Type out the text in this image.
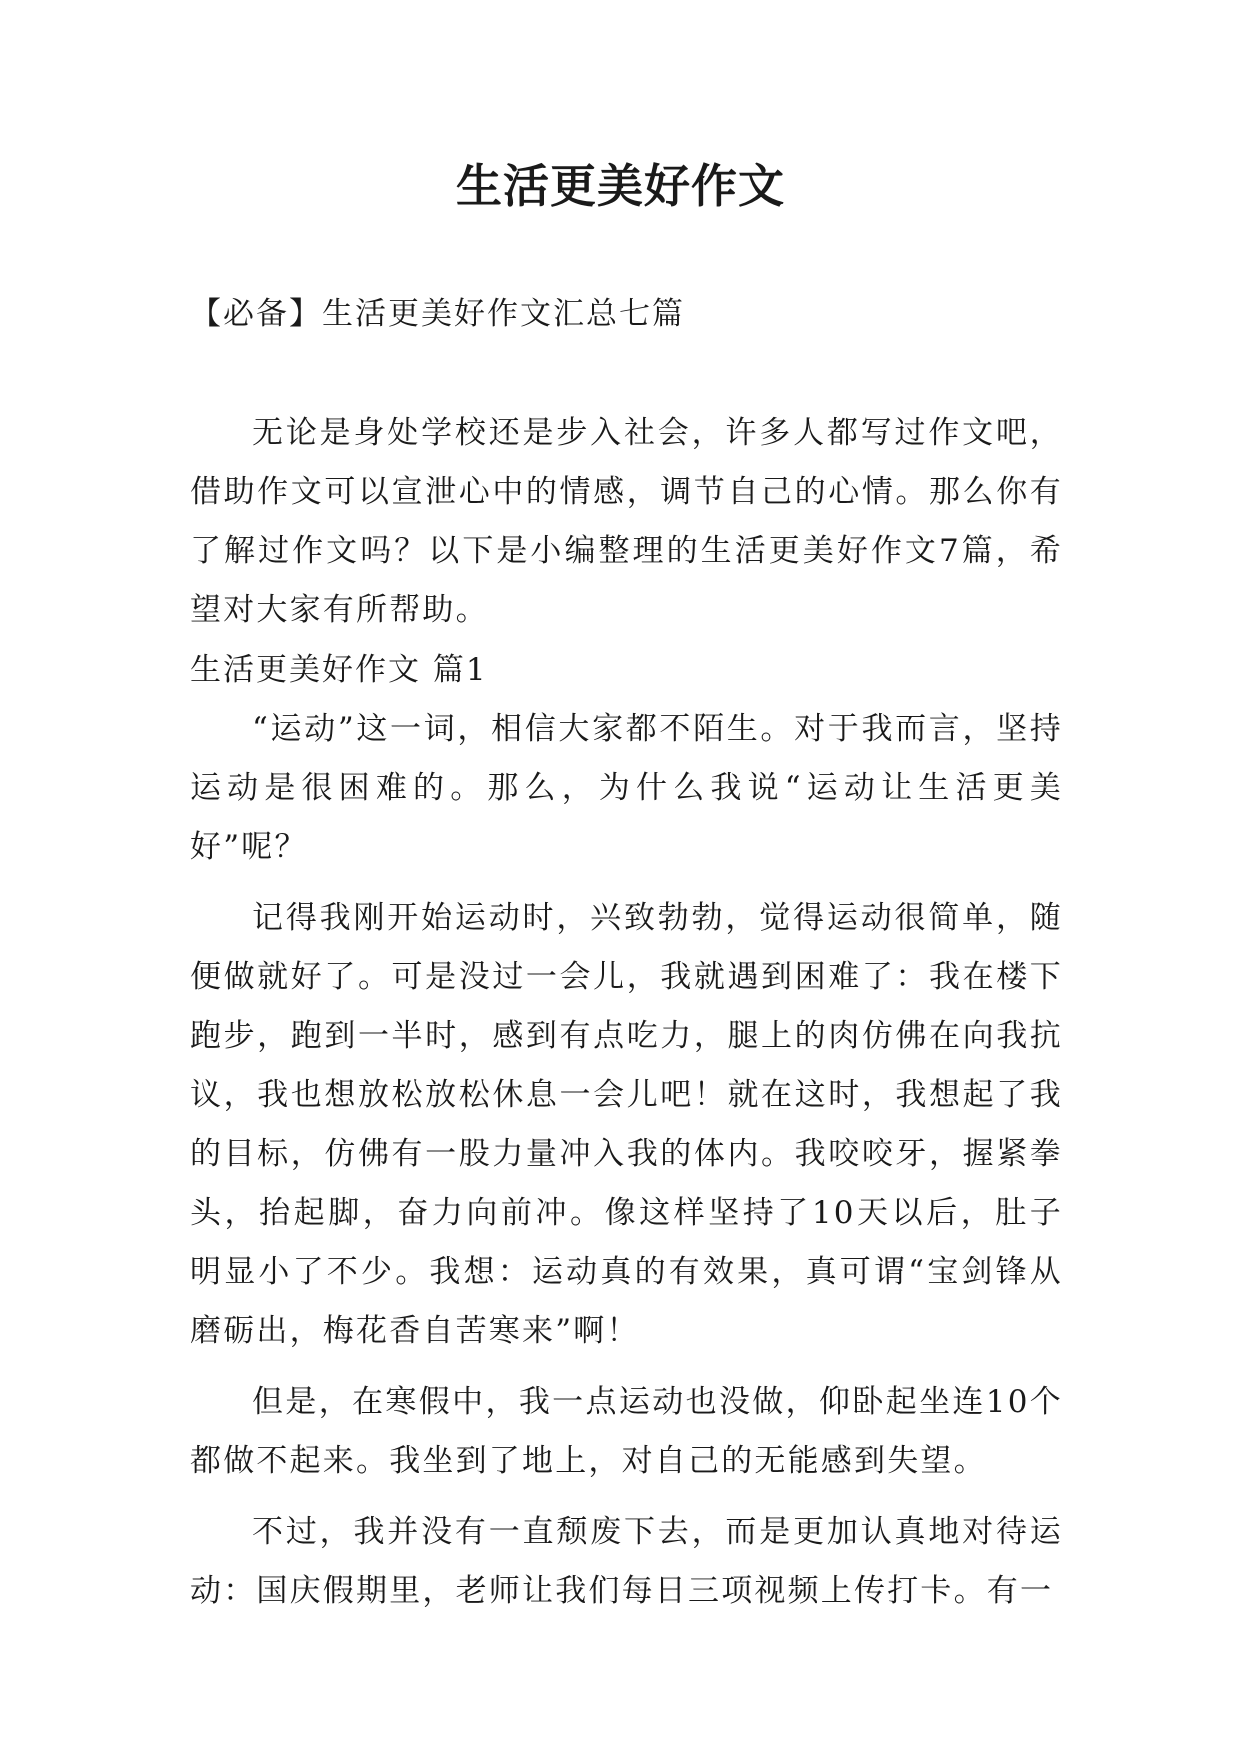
生活更美好作文

【必备】生活更美好作文汇总七篇

无论是身处学校还是步入社会，许多人都写过作文吧，借助作文可以宣泄心中的情感，调节自己的心情。那么你有了解过作文吗？以下是小编整理的生活更美好作文7篇，希望对大家有所帮助。

生活更美好作文 篇1

“运动”这一词，相信大家都不陌生。对于我而言，坚持运动是很困难的。那么，为什么我说“运动让生活更美好”呢？

记得我刚开始运动时，兴致勃勃，觉得运动很简单，随便做就好了。可是没过一会儿，我就遇到困难了：我在楼下跑步，跑到一半时，感到有点吃力，腿上的肉仿佛在向我抗议，我也想放松放松休息一会儿吧！就在这时，我想起了我的目标，仿佛有一股力量冲入我的体内。我咬咬牙，握紧拳头，抬起脚，奋力向前冲。像这样坚持了10天以后，肚子明显小了不少。我想：运动真的有效果，真可谓“宝剑锋从磨砺出，梅花香自苦寒来”啊！

但是，在寒假中，我一点运动也没做，仰卧起坐连10个都做不起来。我坐到了地上，对自己的无能感到失望。

不过，我并没有一直颓废下去，而是更加认真地对待运动：国庆假期里，老师让我们每日三项视频上传打卡。有一
